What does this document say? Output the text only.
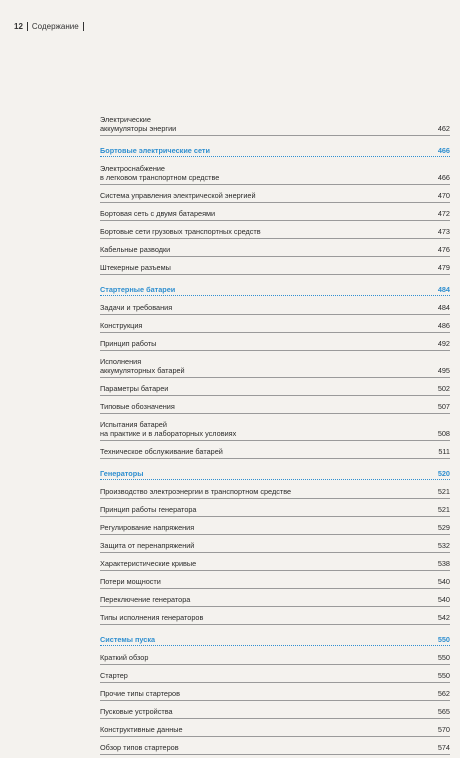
12 Содержание
Электрические
аккумуляторы энергии	462
Бортовые электрические сети	466
Электроснабжение
в легковом транспортном средстве	466
Система управления электрической энергией	470
Бортовая сеть с двумя батареями	472
Бортовые сети грузовых транспортных средств	473
Кабельные разводки	476
Штекерные разъемы	479
Стартерные батареи	484
Задачи и требования	484
Конструкция	486
Принцип работы	492
Исполнения
аккумуляторных батарей	495
Параметры батареи	502
Типовые обозначения	507
Испытания батарей
на практике и в лабораторных условиях	508
Техническое обслуживание батарей	511
Генераторы	520
Производство электроэнергии в транспортном средстве	521
Принцип работы генератора	521
Регулирование напряжения	529
Защита от перенапряжений	532
Характеристические кривые	538
Потери мощности	540
Переключение генератора	540
Типы исполнения генераторов	542
Системы пуска	550
Краткий обзор	550
Стартер	550
Прочие типы стартеров	562
Пусковые устройства	565
Конструктивные данные	570
Обзор типов стартеров	574
